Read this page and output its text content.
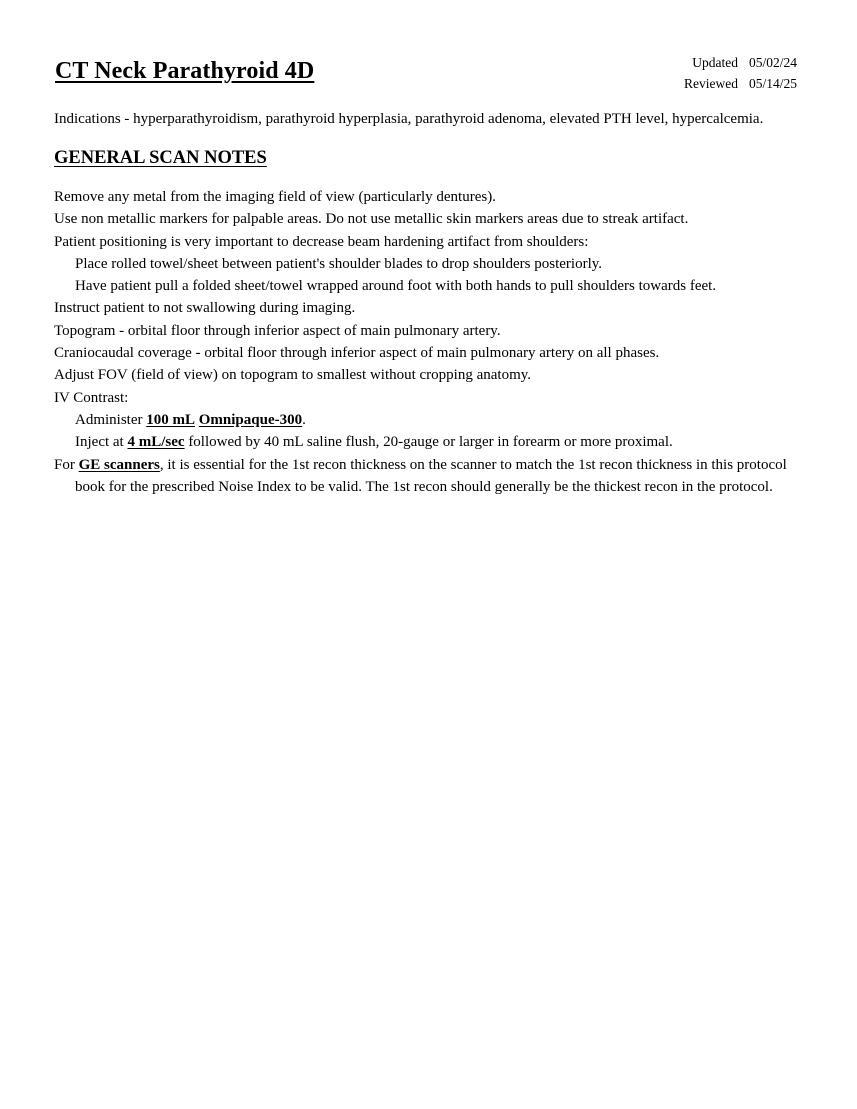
CT Neck Parathyroid 4D	Updated	05/02/24
Reviewed	05/14/25

Indications - hyperparathyroidism, parathyroid hyperplasia, parathyroid adenoma, elevated PTH level, hypercalcemia.

GENERAL SCAN NOTES

Remove any metal from the imaging field of view (particularly dentures).

Use non metallic markers for palpable areas. Do not use metallic skin markers areas due to streak artifact.

Patient positioning is very important to decrease beam hardening artifact from shoulders:

Place rolled towel/sheet between patient's shoulder blades to drop shoulders posteriorly.

Have patient pull a folded sheet/towel wrapped around foot with both hands to pull shoulders towards feet.

Instruct patient to not swallowing during imaging.

Topogram - orbital floor through inferior aspect of main pulmonary artery.

Craniocaudal coverage - orbital floor through inferior aspect of main pulmonary artery on all phases.

Adjust FOV (field of view) on topogram to smallest without cropping anatomy.

IV Contrast:

Administer 100 mL Omnipaque-300.

Inject at 4 mL/sec followed by 40 mL saline flush, 20-gauge or larger in forearm or more proximal.

For GE scanners, it is essential for the 1st recon thickness on the scanner to match the 1st recon thickness in this protocol book for the prescribed Noise Index to be valid. The 1st recon should generally be the thickest recon in the protocol.
